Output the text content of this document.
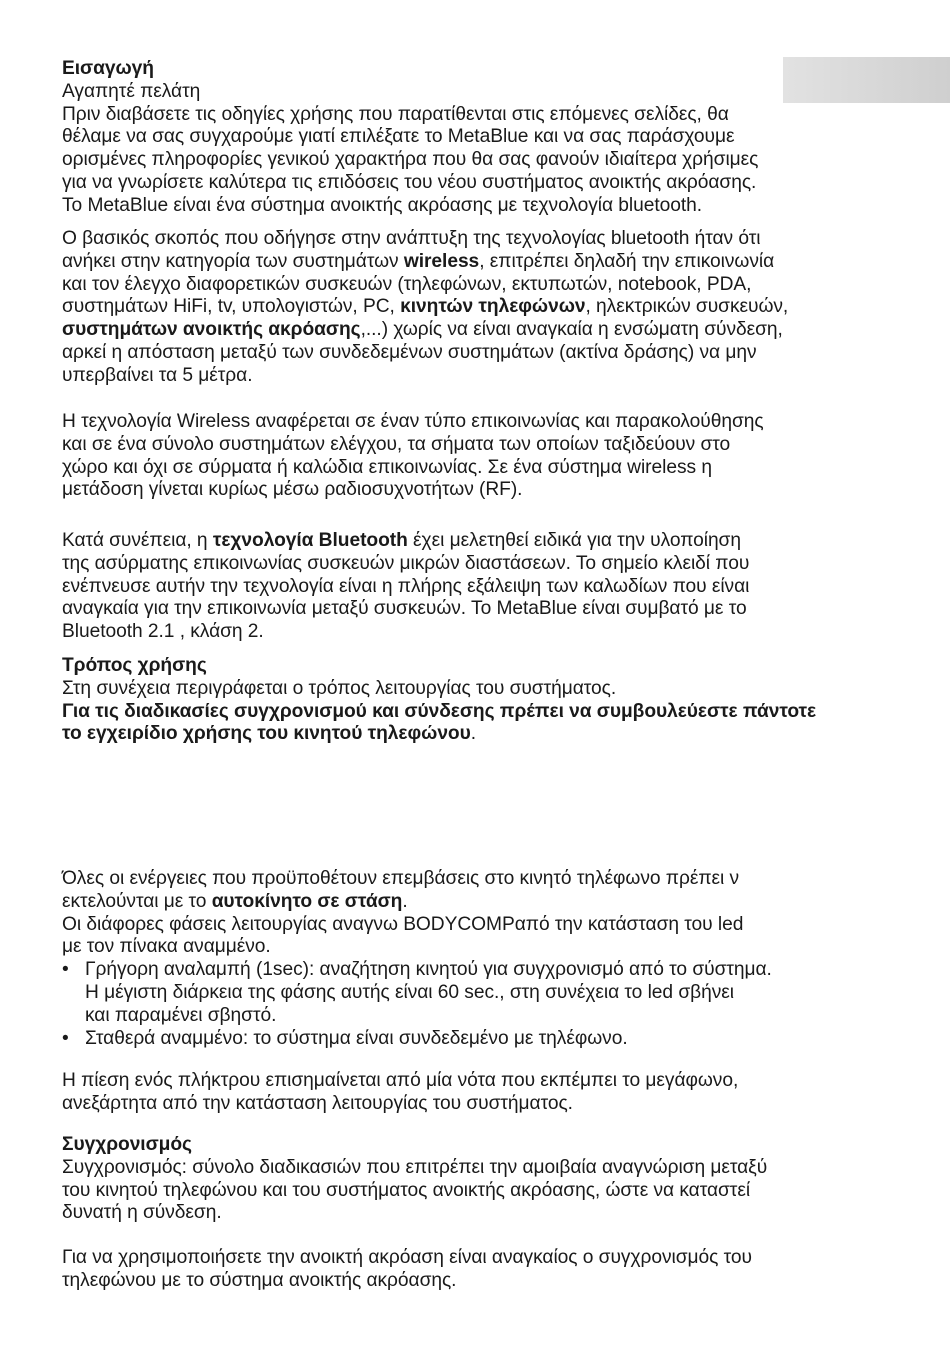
Εισαγωγή
Αγαπητέ πελάτη
Πριν διαβάσετε τις οδηγίες χρήσης που παρατίθενται στις επόμενες σελίδες, θα
θέλαμε να σας συγχαρούμε γιατί επιλέξατε το MetaBlue και να σας παράσχουμε
ορισμένες πληροφορίες γενικού χαρακτήρα που θα σας φανούν ιδιαίτερα χρήσιμες
για να γνωρίσετε καλύτερα τις επιδόσεις του νέου συστήματος ανοικτής ακρόασης.
Το MetaBlue είναι ένα σύστημα ανοικτής ακρόασης με τεχνολογία bluetooth.
Ο βασικός σκοπός που οδήγησε στην ανάπτυξη της τεχνολογίας bluetooth ήταν ότι
ανήκει στην κατηγορία των συστημάτων wireless, επιτρέπει δηλαδή την επικοινωνία
και τον έλεγχο διαφορετικών συσκευών (τηλεφώνων, εκτυπωτών, notebook, PDA,
συστημάτων HiFi, tv, υπολογιστών, PC, κινητών τηλεφώνων, ηλεκτρικών συσκευών,
συστημάτων ανοικτής ακρόασης,...) χωρίς να είναι αναγκαία η ενσώματη σύνδεση,
αρκεί η απόσταση μεταξύ των συνδεδεμένων συστημάτων (ακτίνα δράσης) να μην
υπερβαίνει τα 5 μέτρα.
Η τεχνολογία Wireless αναφέρεται σε έναν τύπο επικοινωνίας και παρακολούθησης
και σε ένα σύνολο συστημάτων ελέγχου, τα σήματα των οποίων ταξιδεύουν στο
χώρο και όχι σε σύρματα ή καλώδια επικοινωνίας. Σε ένα σύστημα wireless η
μετάδοση γίνεται κυρίως μέσω ραδιοσυχνοτήτων (RF).
Κατά συνέπεια, η τεχνολογία Bluetooth έχει μελετηθεί ειδικά για την υλοποίηση
της ασύρματης επικοινωνίας συσκευών μικρών διαστάσεων. Το σημείο κλειδί που
ενέπνευσε αυτήν την τεχνολογία είναι η πλήρης εξάλειψη των καλωδίων που είναι
αναγκαία για την επικοινωνία μεταξύ συσκευών. Το MetaBlue είναι συμβατό με το
Bluetooth 2.1 , κλάση 2.
Τρόπος χρήσης
Στη συνέχεια περιγράφεται ο τρόπος λειτουργίας του συστήματος.
Για τις διαδικασίες συγχρονισμού και σύνδεσης πρέπει να συμβουλεύεστε πάντοτε
το εγχειρίδιο χρήσης του κινητού τηλεφώνου.
Όλες οι ενέργειες που προϋποθέτουν επεμβάσεις στο κινητό τηλέφωνο πρέπει ν
εκτελούνται με το αυτοκίνητο σε στάση.
Οι διάφορες φάσεις λειτουργίας αναγνω BODYCOMPαπό την κατάσταση του led
με τον πίνακα αναμμένο.
• Γρήγορη αναλαμπή (1sec): αναζήτηση κινητού για συγχρονισμό από το σύστημα.
Η μέγιστη διάρκεια της φάσης αυτής είναι 60 sec., στη συνέχεια το led σβήνει
και παραμένει σβηστό.
• Σταθερά αναμμένο: το σύστημα είναι συνδεδεμένο με τηλέφωνο.
Η πίεση ενός πλήκτρου επισημαίνεται από μία νότα που εκπέμπει το μεγάφωνο,
ανεξάρτητα από την κατάσταση λειτουργίας του συστήματος.
Συγχρονισμός
Συγχρονισμός: σύνολο διαδικασιών που επιτρέπει την αμοιβαία αναγνώριση μεταξύ
του κινητού τηλεφώνου και του συστήματος ανοικτής ακρόασης, ώστε να καταστεί
δυνατή η σύνδεση.
Για να χρησιμοποιήσετε την ανοικτή ακρόαση είναι αναγκαίος ο συγχρονισμός του
τηλεφώνου με το σύστημα ανοικτής ακρόασης.
